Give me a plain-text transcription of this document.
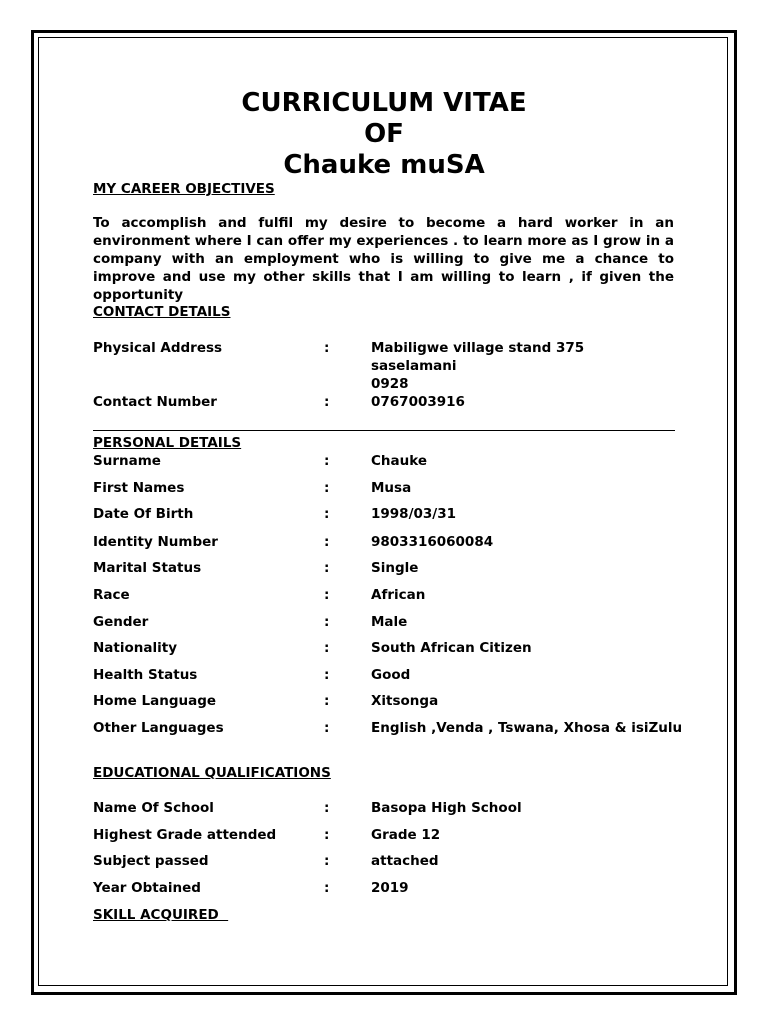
CURRICULUM VITAE
OF
Chauke muSA
MY CAREER OBJECTIVES
To accomplish and fulfil my desire to become a hard worker in an environment where I can offer my experiences . to learn more as I grow in a company with an employment who is willing to give me a chance to improve and use my other skills that I am willing to learn , if given the opportunity
CONTACT DETAILS
Physical Address	:	Mabiligwe village stand 375
saselamani
0928
Contact Number	:	0767003916
PERSONAL DETAILS
Surname	:	Chauke
First Names	:	Musa
Date Of Birth	:	1998/03/31
Identity Number	:	9803316060084
Marital Status	:	Single
Race	:	African
Gender	:	Male
Nationality	:	South African Citizen
Health Status	:	Good
Home Language	:	Xitsonga
Other Languages	:	English ,Venda , Tswana, Xhosa & isiZulu
EDUCATIONAL QUALIFICATIONS
Name Of School	:	Basopa High School
Highest Grade attended	:	Grade 12
Subject passed	:	attached
Year Obtained	:	2019
SKILL ACQUIRED
